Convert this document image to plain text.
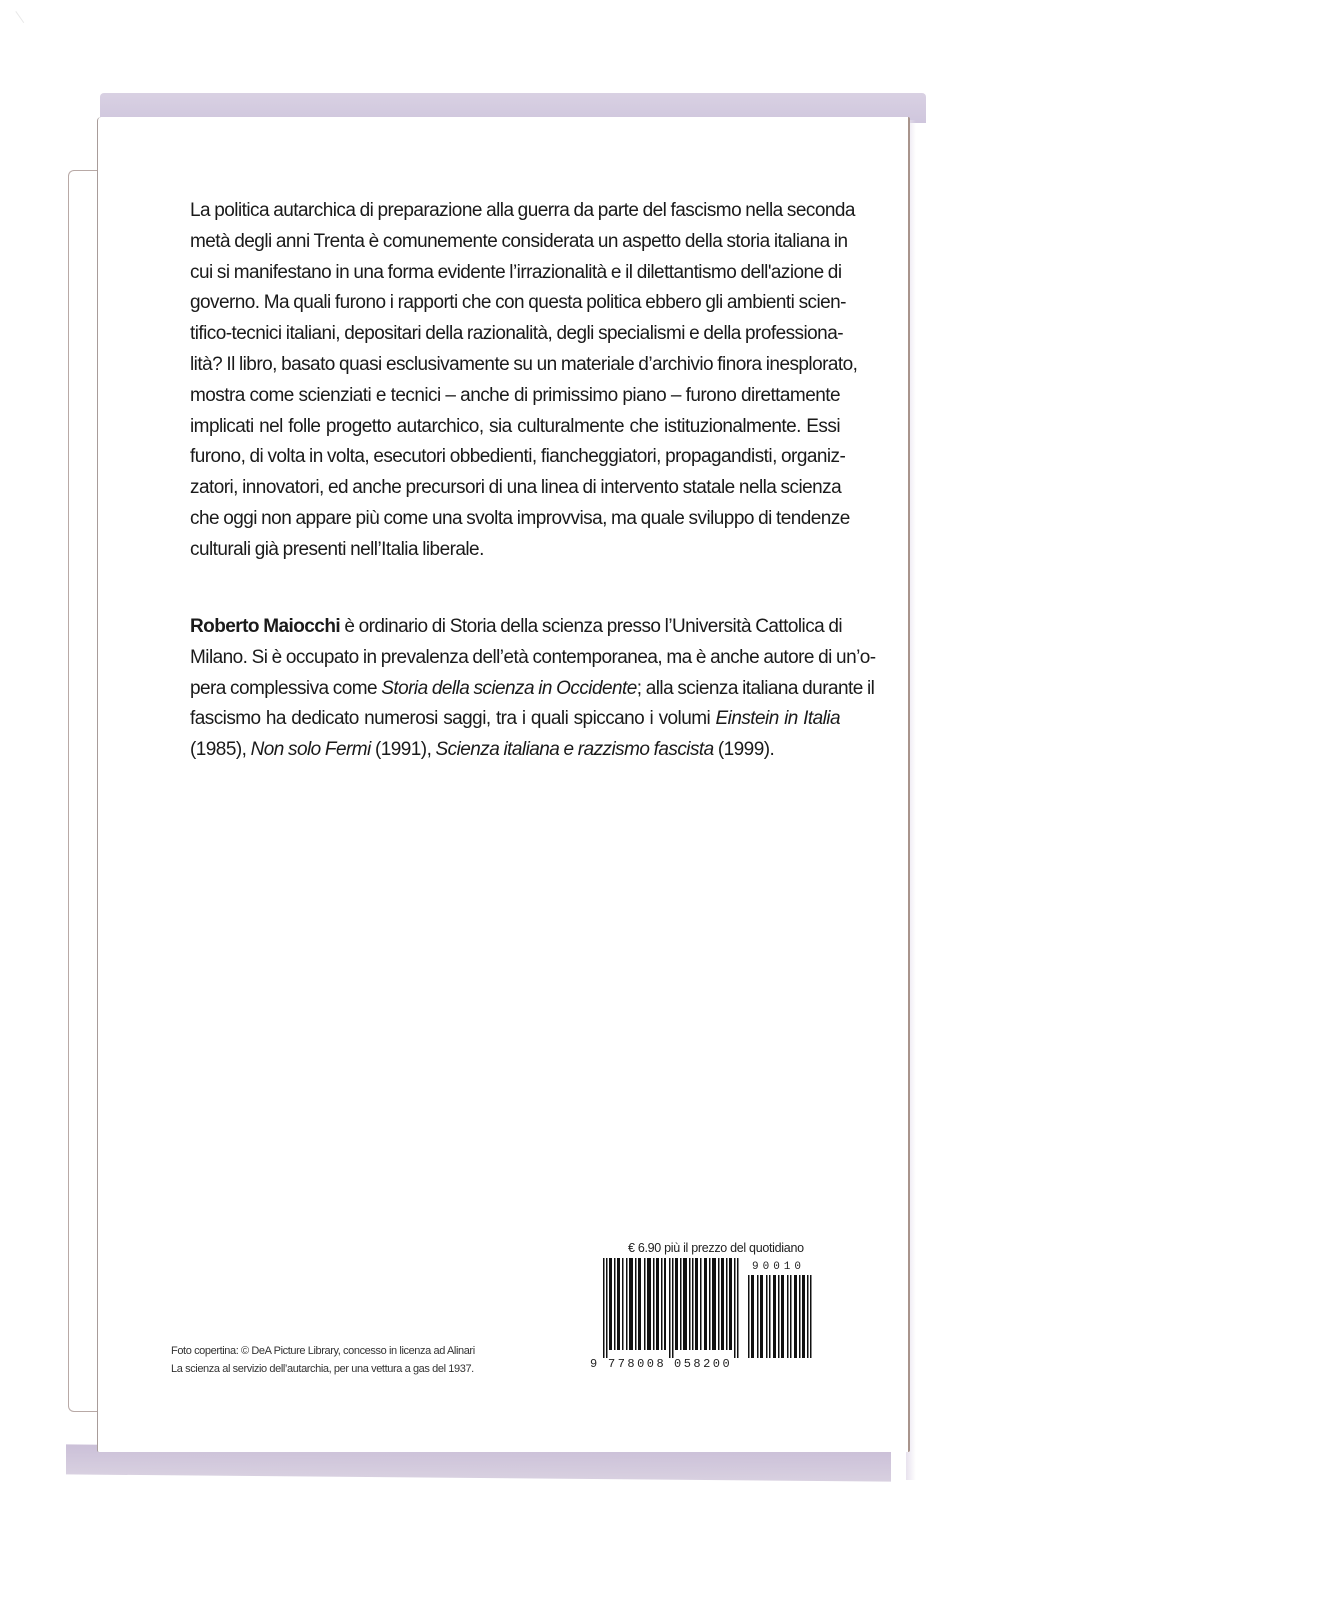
La politica autarchica di preparazione alla guerra da parte del fascismo nella seconda
metà degli anni Trenta è comunemente considerata un aspetto della storia italiana in
cui si manifestano in una forma evidente l’irrazionalità e il dilettantismo dell'azione di
governo. Ma quali furono i rapporti che con questa politica ebbero gli ambienti scien-
tifico-tecnici italiani, depositari della razionalità, degli specialismi e della professiona-
lità? Il libro, basato quasi esclusivamente su un materiale d’archivio finora inesplorato,
mostra come scienziati e tecnici – anche di primissimo piano – furono direttamente
implicati nel folle progetto autarchico, sia culturalmente che istituzionalmente. Essi
furono, di volta in volta, esecutori obbedienti, fiancheggiatori, propagandisti, organiz-
zatori, innovatori, ed anche precursori di una linea di intervento statale nella scienza
che oggi non appare più come una svolta improvvisa, ma quale sviluppo di tendenze
culturali già presenti nell’Italia liberale.
Roberto Maiocchi è ordinario di Storia della scienza presso l’Università Cattolica di
Milano. Si è occupato in prevalenza dell’età contemporanea, ma è anche autore di un’o-
pera complessiva come Storia della scienza in Occidente; alla scienza italiana durante il
fascismo ha dedicato numerosi saggi, tra i quali spiccano i volumi Einstein in Italia
(1985), Non solo Fermi (1991), Scienza italiana e razzismo fascista (1999).
Foto copertina: © DeA Picture Library, concesso in licenza ad Alinari
La scienza al servizio dell’autarchia, per una vettura a gas del 1937.
€ 6.90 più il prezzo del quotidiano
9 778008 058200
90010
